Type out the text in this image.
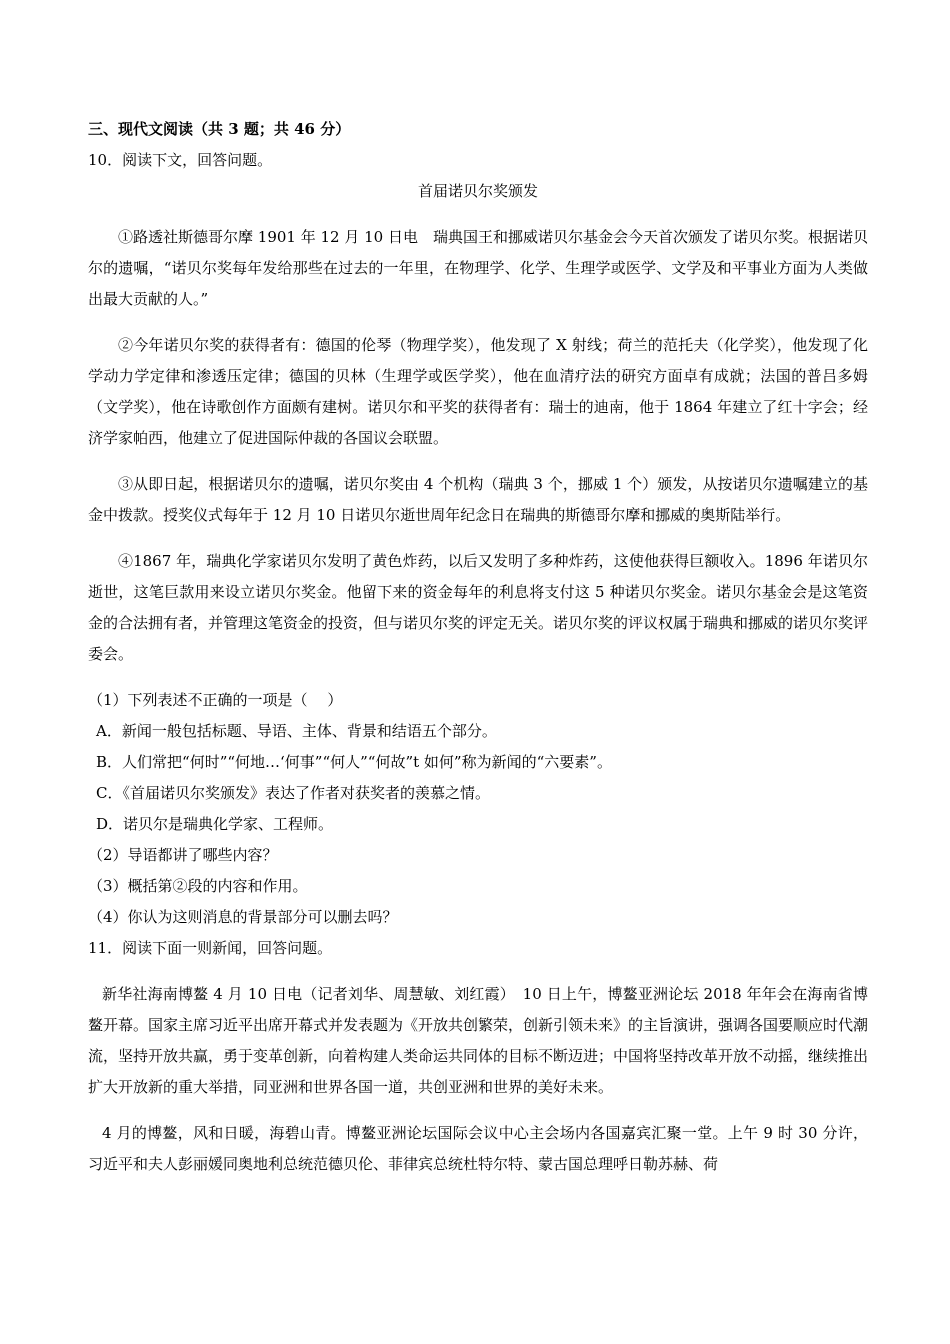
三、现代文阅读（共 3 题；共 46 分）

10．阅读下文，回答问题。

首届诺贝尔奖颁发

①路透社斯德哥尔摩 1901 年 12 月 10 日电　瑞典国王和挪威诺贝尔基金会今天首次颁发了诺贝尔奖。根据诺贝尔的遗嘱，“诺贝尔奖每年发给那些在过去的一年里，在物理学、化学、生理学或医学、文学及和平事业方面为人类做出最大贡献的人。”

②今年诺贝尔奖的获得者有：德国的伦琴（物理学奖），他发现了 X 射线；荷兰的范托夫（化学奖），他发现了化学动力学定律和渗透压定律；德国的贝林（生理学或医学奖），他在血清疗法的研究方面卓有成就；法国的普吕多姆（文学奖），他在诗歌创作方面颇有建树。诺贝尔和平奖的获得者有：瑞士的迪南，他于 1864 年建立了红十字会；经济学家帕西，他建立了促进国际仲裁的各国议会联盟。

③从即日起，根据诺贝尔的遗嘱，诺贝尔奖由 4 个机构（瑞典 3 个，挪威 1 个）颁发，从按诺贝尔遗嘱建立的基金中拨款。授奖仪式每年于 12 月 10 日诺贝尔逝世周年纪念日在瑞典的斯德哥尔摩和挪威的奥斯陆举行。

④1867 年，瑞典化学家诺贝尔发明了黄色炸药，以后又发明了多种炸药，这使他获得巨额收入。1896 年诺贝尔逝世，这笔巨款用来设立诺贝尔奖金。他留下来的资金每年的利息将支付这 5 种诺贝尔奖金。诺贝尔基金会是这笔资金的合法拥有者，并管理这笔资金的投资，但与诺贝尔奖的评定无关。诺贝尔奖的评议权属于瑞典和挪威的诺贝尔奖评委会。

（1）下列表述不正确的一项是（　 ）

A．新闻一般包括标题、导语、主体、背景和结语五个部分。

B．人们常把“何时”“何地…‘何事”“何人”“何故”t 如何”称为新闻的“六要素”。

C．《首届诺贝尔奖颁发》表达了作者对获奖者的羡慕之情。

D．诺贝尔是瑞典化学家、工程师。

（2）导语都讲了哪些内容？

（3）概括第②段的内容和作用。

（4）你认为这则消息的背景部分可以删去吗？

11．阅读下面一则新闻，回答问题。

新华社海南博鳌 4 月 10 日电（记者刘华、周慧敏、刘红霞）　10 日上午，博鳌亚洲论坛 2018 年年会在海南省博鳌开幕。国家主席习近平出席开幕式并发表题为《开放共创繁荣，创新引领未来》的主旨演讲，强调各国要顺应时代潮流，坚持开放共赢，勇于变革创新，向着构建人类命运共同体的目标不断迈进；中国将坚持改革开放不动摇，继续推出扩大开放新的重大举措，同亚洲和世界各国一道，共创亚洲和世界的美好未来。

4 月的博鳌，风和日暖，海碧山青。博鳌亚洲论坛国际会议中心主会场内各国嘉宾汇聚一堂。上午 9 时 30 分许，习近平和夫人彭丽媛同奥地利总统范德贝伦、菲律宾总统杜特尔特、蒙古国总理呼日勒苏赫、荷
